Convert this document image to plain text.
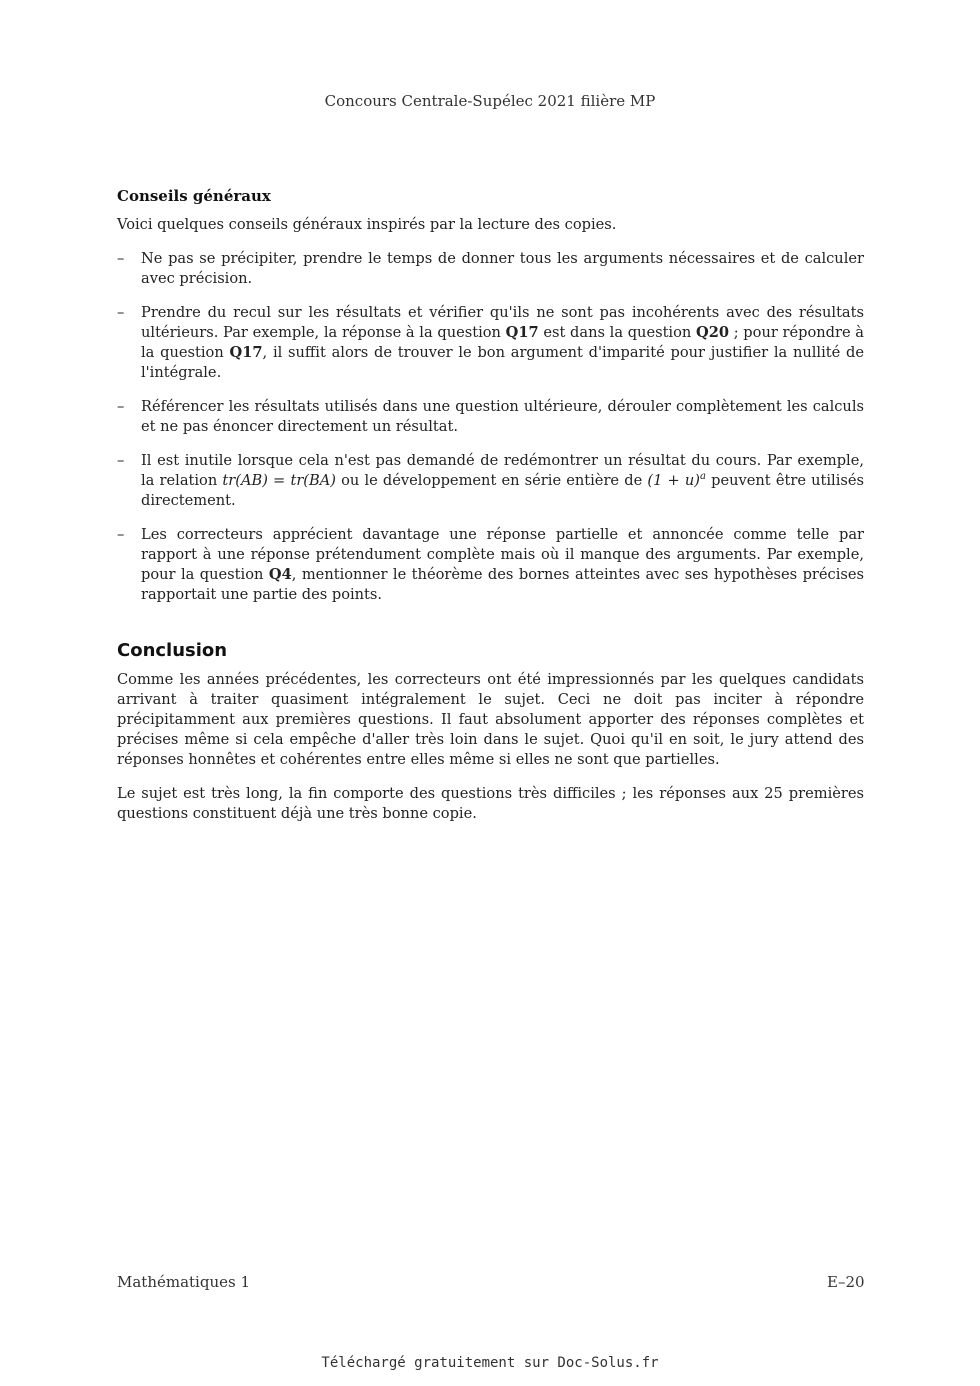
Concours Centrale-Supélec 2021 filière MP
Conseils généraux

Voici quelques conseils généraux inspirés par la lecture des copies.

– Ne pas se précipiter, prendre le temps de donner tous les arguments nécessaires et de calculer avec précision.
– Prendre du recul sur les résultats et vérifier qu'ils ne sont pas incohérents avec des résultats ultérieurs. Par exemple, la réponse à la question Q17 est dans la question Q20 ; pour répondre à la question Q17, il suffit alors de trouver le bon argument d'imparité pour justifier la nullité de l'intégrale.
– Référencer les résultats utilisés dans une question ultérieure, dérouler complètement les calculs et ne pas énoncer directement un résultat.
– Il est inutile lorsque cela n'est pas demandé de redémontrer un résultat du cours. Par exemple, la relation tr(AB) = tr(BA) ou le développement en série entière de $(1 + u)^a$ peuvent être utilisés directement.
– Les correcteurs apprécient davantage une réponse partielle et annoncée comme telle par rapport à une réponse prétendument complète mais où il manque des arguments. Par exemple, pour la question Q4, mentionner le théorème des bornes atteintes avec ses hypothèses précises rapportait une partie des points.
Conclusion

Comme les années précédentes, les correcteurs ont été impressionnés par les quelques candidats arrivant à traiter quasiment intégralement le sujet. Ceci ne doit pas inciter à répondre précipitamment aux premières questions. Il faut absolument apporter des réponses complètes et précises même si cela empêche d'aller très loin dans le sujet. Quoi qu'il en soit, le jury attend des réponses honnêtes et cohérentes entre elles même si elles ne sont que partielles.

Le sujet est très long, la fin comporte des questions très difficiles ; les réponses aux 25 premières questions constituent déjà une très bonne copie.

Mathématiques 1	E–20
Téléchargé gratuitement sur Doc-Solus.fr
